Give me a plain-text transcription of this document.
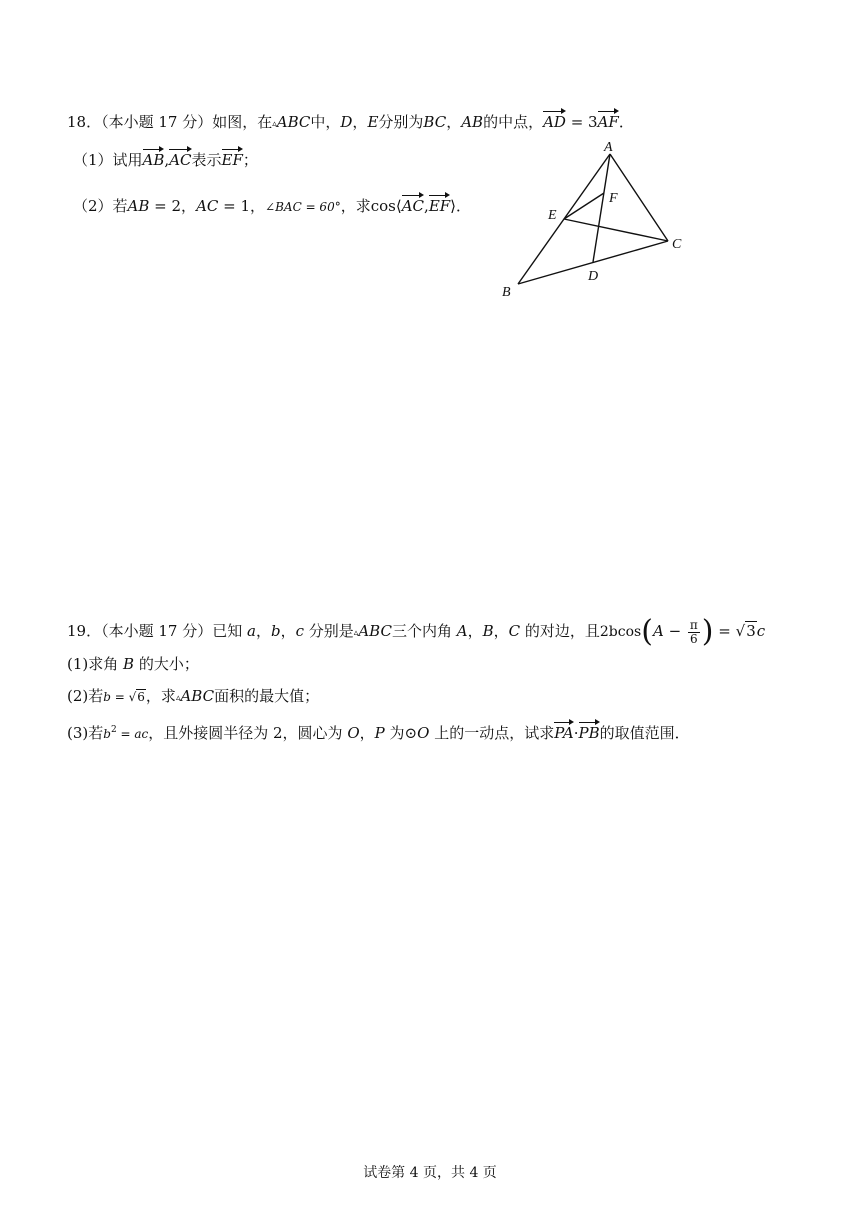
18．（本小题 17 分）如图，在▵ABC中，D，E分别为BC，AB的中点，AD = 3AF．
（1）试用AB,AC表示EF；
（2）若AB = 2，AC = 1，∠BAC = 60°，求cos⟨AC,EF⟩．
A
B
C
D
E
F
19．（本小题 17 分）已知 a，b，c 分别是▵ABC三个内角 A，B，C 的对边，且$2bcos(A - \frac{\pi}{6}$ ) = √3c
(1)求角 B 的大小；
(2)若b = √6，求▵ABC面积的最大值；
(3)若$b^2$ = ac，且外接圆半径为 2，圆心为 O，P 为⊙O 上的一动点，试求PA·PB的取值范围．
试卷第 4 页，共 4 页
